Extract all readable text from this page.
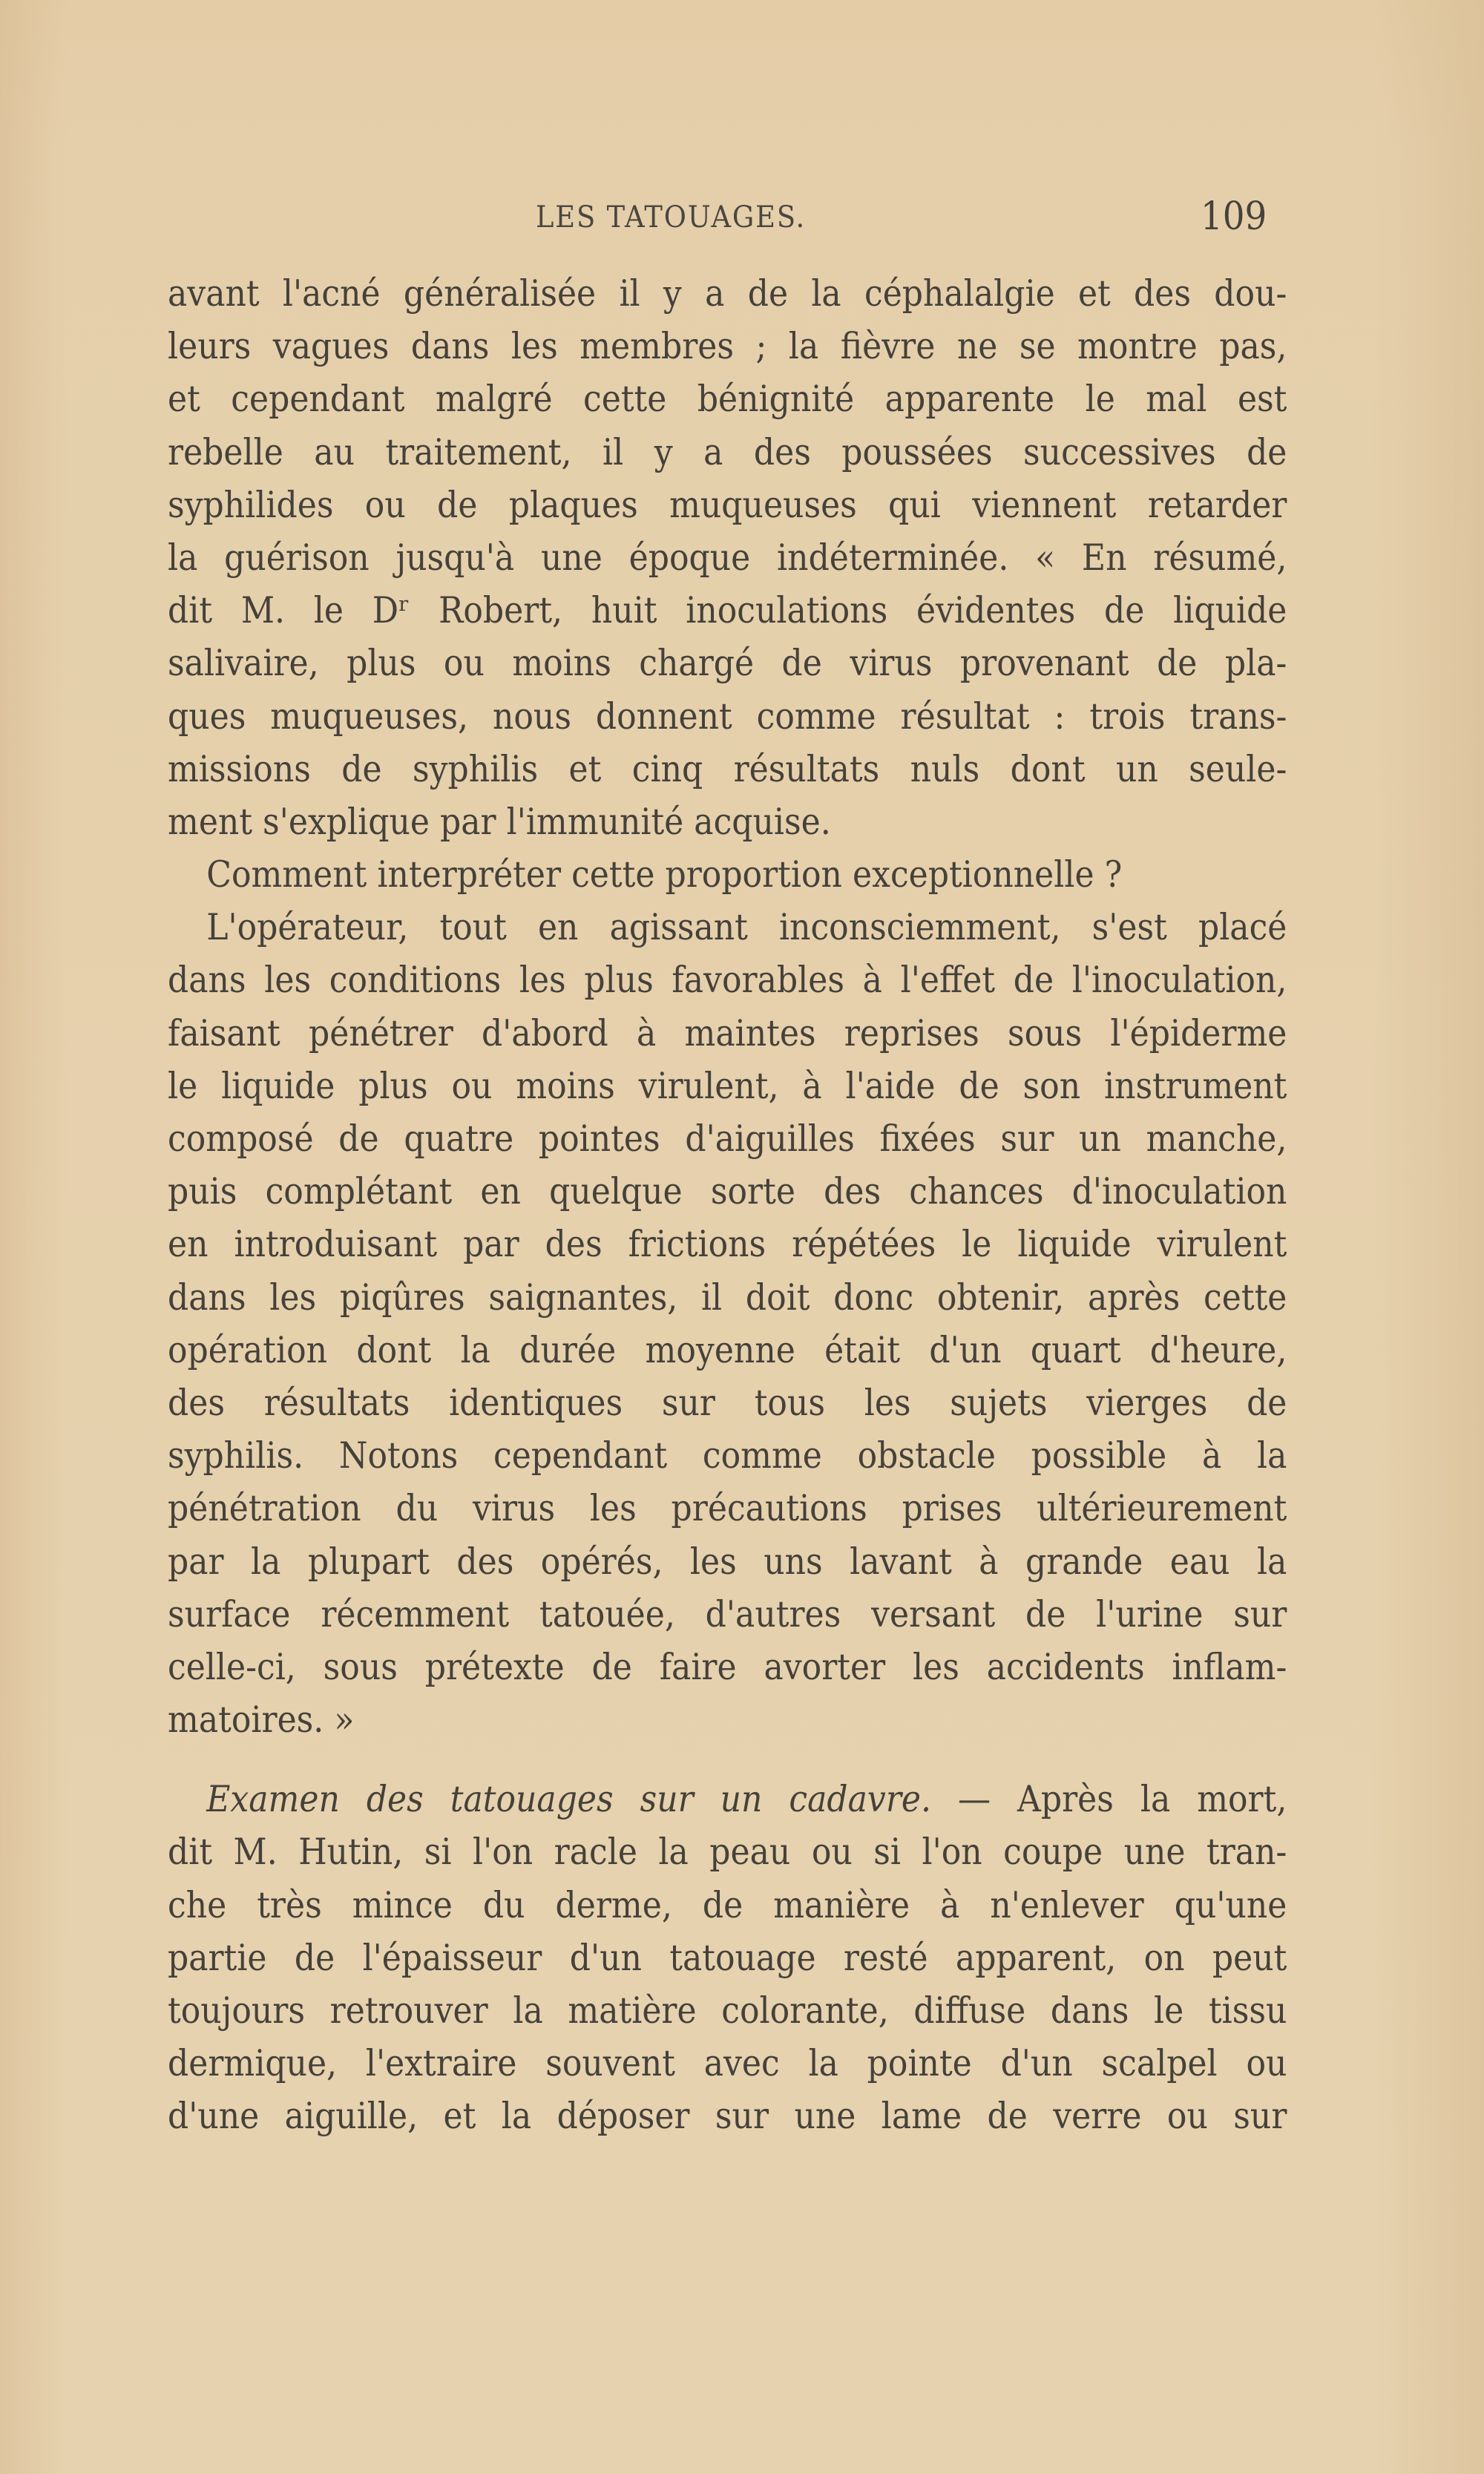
LES TATOUAGES.	109
avant l'acné généralisée il y a de la céphalalgie et des dou-
leurs vagues dans les membres ; la fièvre ne se montre pas,
et cependant malgré cette bénignité apparente le mal est
rebelle au traitement, il y a des poussées successives de
syphilides ou de plaques muqueuses qui viennent retarder
la guérison jusqu'à une époque indéterminée. « En résumé,
dit M. le Dʳ Robert, huit inoculations évidentes de liquide
salivaire, plus ou moins chargé de virus provenant de pla-
ques muqueuses, nous donnent comme résultat : trois trans-
missions de syphilis et cinq résultats nuls dont un seule-
ment s'explique par l'immunité acquise.
Comment interpréter cette proportion exceptionnelle ?
L'opérateur, tout en agissant inconsciemment, s'est placé
dans les conditions les plus favorables à l'effet de l'inoculation,
faisant pénétrer d'abord à maintes reprises sous l'épiderme
le liquide plus ou moins virulent, à l'aide de son instrument
composé de quatre pointes d'aiguilles fixées sur un manche,
puis complétant en quelque sorte des chances d'inoculation
en introduisant par des frictions répétées le liquide virulent
dans les piqûres saignantes, il doit donc obtenir, après cette
opération dont la durée moyenne était d'un quart d'heure,
des résultats identiques sur tous les sujets vierges de
syphilis. Notons cependant comme obstacle possible à la
pénétration du virus les précautions prises ultérieurement
par la plupart des opérés, les uns lavant à grande eau la
surface récemment tatouée, d'autres versant de l'urine sur
celle-ci, sous prétexte de faire avorter les accidents inflam-
matoires. »
Examen des tatouages sur un cadavre. — Après la mort,
dit M. Hutin, si l'on racle la peau ou si l'on coupe une tran-
che très mince du derme, de manière à n'enlever qu'une
partie de l'épaisseur d'un tatouage resté apparent, on peut
toujours retrouver la matière colorante, diffuse dans le tissu
dermique, l'extraire souvent avec la pointe d'un scalpel ou
d'une aiguille, et la déposer sur une lame de verre ou sur
